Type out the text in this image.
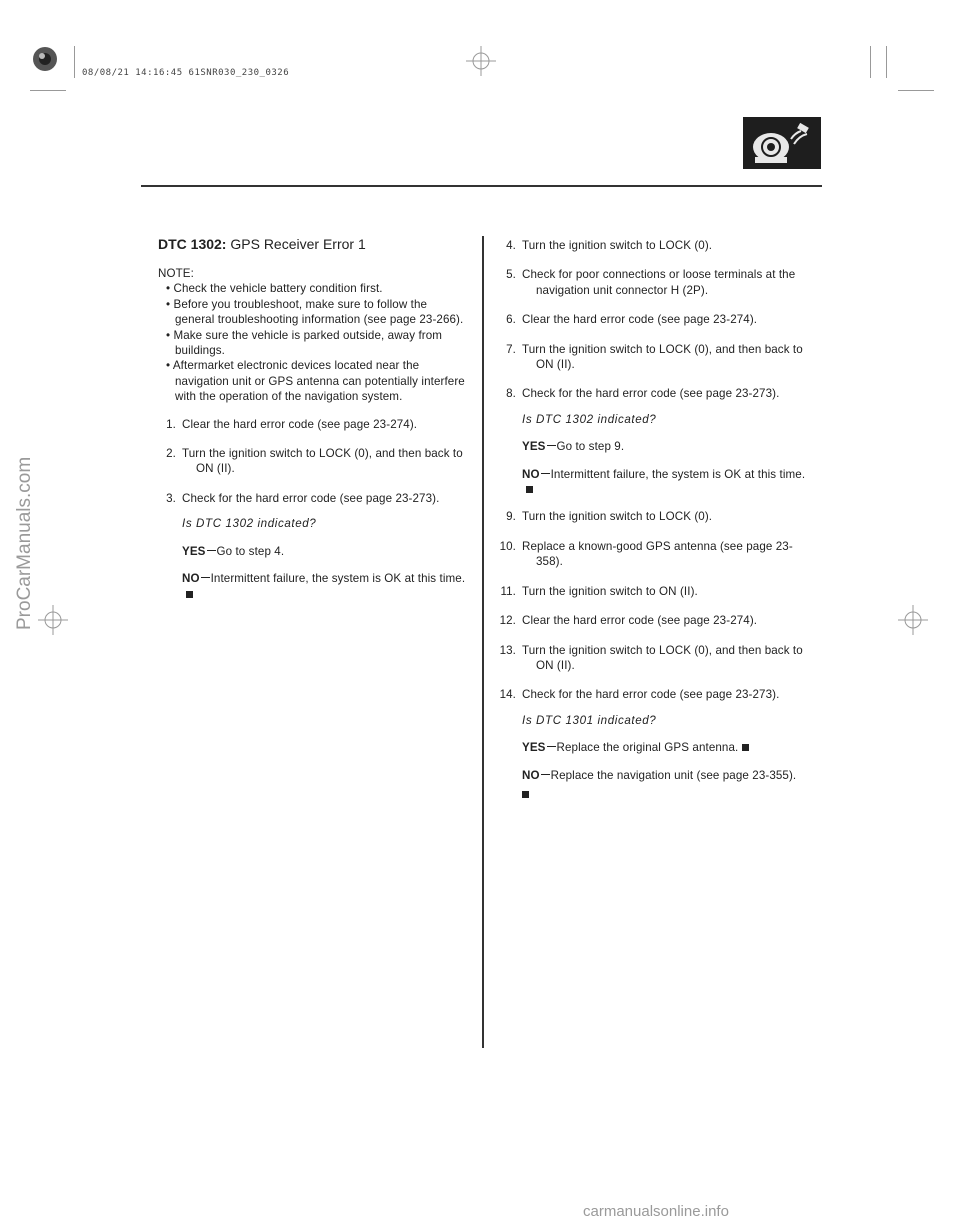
08/08/21 14:16:45 61SNR030_230_0326
DTC 1302: GPS Receiver Error 1

NOTE:

• Check the vehicle battery condition first.

• Before you troubleshoot, make sure to follow the general troubleshooting information (see page 23-266).

• Make sure the vehicle is parked outside, away from buildings.

• Aftermarket electronic devices located near the navigation unit or GPS antenna can potentially interfere with the operation of the navigation system.

1. Clear the hard error code (see page 23-274).
2. Turn the ignition switch to LOCK (0), and then back to ON (II).
3. Check for the hard error code (see page 23-273).

Is DTC 1302 indicated?

YES Go to step 4.

NO Intermittent failure, the system is OK at this time.

4. Turn the ignition switch to LOCK (0).
5. Check for poor connections or loose terminals at the navigation unit connector H (2P).
6. Clear the hard error code (see page 23-274).
7. Turn the ignition switch to LOCK (0), and then back to ON (II).
8. Check for the hard error code (see page 23-273).

Is DTC 1302 indicated?

YES Go to step 9.

NO Intermittent failure, the system is OK at this time.

9. Turn the ignition switch to LOCK (0).
10. Replace a known-good GPS antenna (see page 23-358).
11. Turn the ignition switch to ON (II).
12. Clear the hard error code (see page 23-274).
13. Turn the ignition switch to LOCK (0), and then back to ON (II).
14. Check for the hard error code (see page 23-273).

Is DTC 1301 indicated?

YES Replace the original GPS antenna.

NO Replace the navigation unit (see page 23-355).

ProCarManuals.com
carmanualsonline.info
